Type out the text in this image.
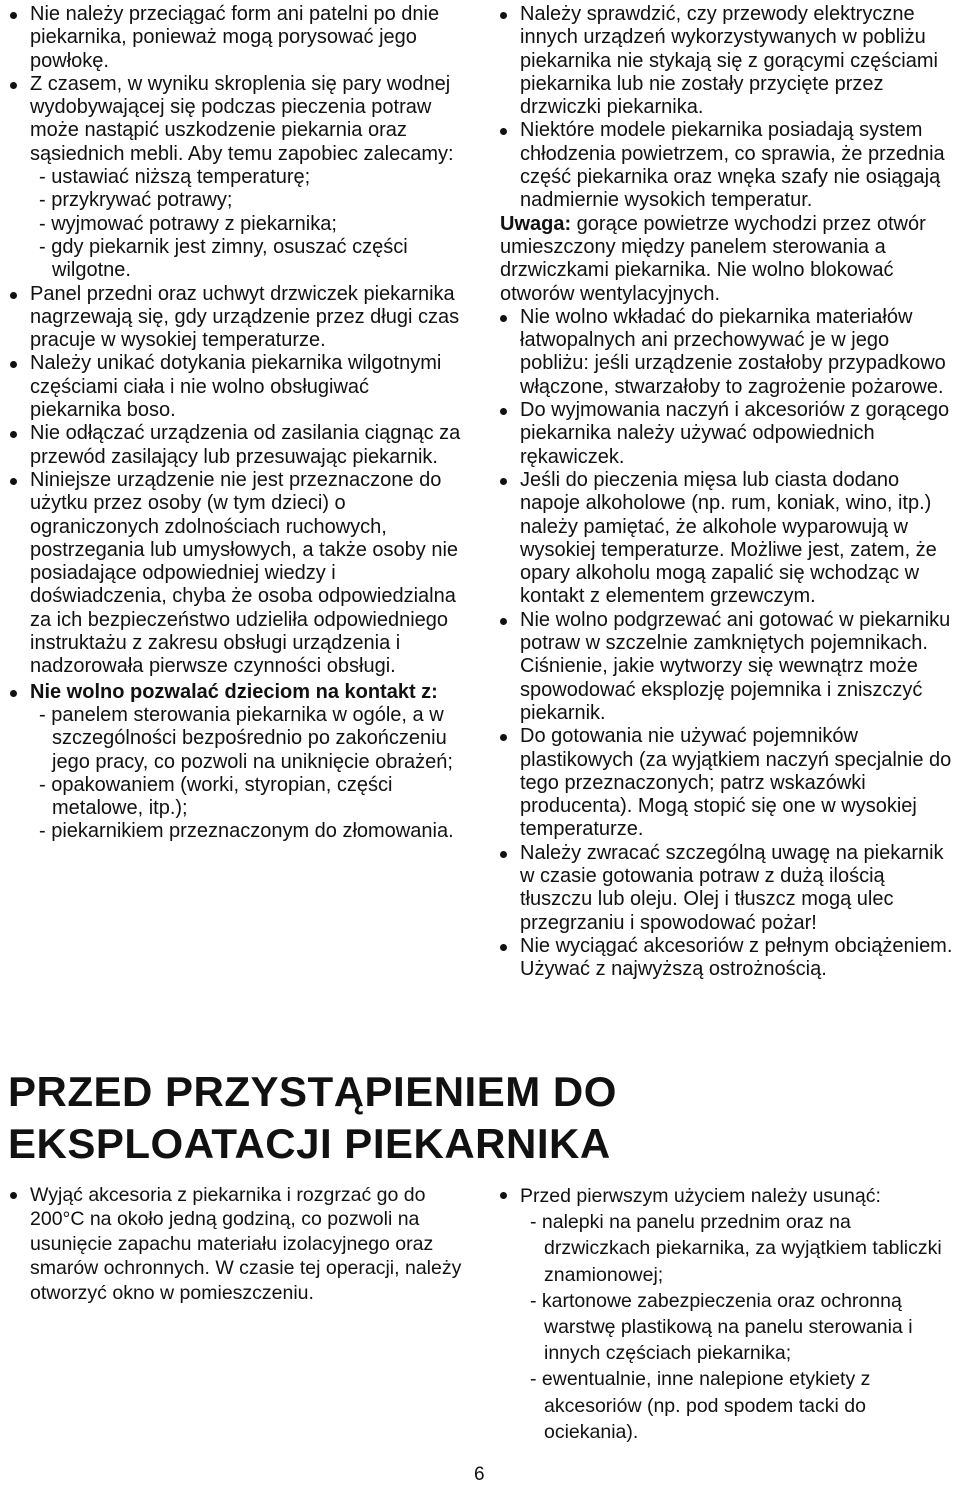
Nie należy przeciągać form ani patelni po dnie piekarnika, ponieważ mogą porysować jego powłokę.
Z czasem, w wyniku skroplenia się pary wodnej wydobywającej się podczas pieczenia potraw może nastąpić uszkodzenie piekarnia oraz sąsiednich mebli. Aby temu zapobiec zalecamy:
- ustawiać niższą temperaturę;
- przykrywać potrawy;
- wyjmować potrawy z piekarnika;
- gdy piekarnik jest zimny, osuszać części wilgotne.
Panel przedni oraz uchwyt drzwiczek piekarnika nagrzewają się, gdy urządzenie przez długi czas pracuje w wysokiej temperaturze.
Należy unikać dotykania piekarnika wilgotnymi częściami ciała i nie wolno obsługiwać piekarnika boso.
Nie odłączać urządzenia od zasilania ciągnąc za przewód zasilający lub przesuwając piekarnik.
Niniejsze urządzenie nie jest przeznaczone do użytku przez osoby (w tym dzieci) o ograniczonych zdolnościach ruchowych, postrzegania lub umysłowych, a także osoby nie posiadające odpowiedniej wiedzy i doświadczenia, chyba że osoba odpowiedzialna za ich bezpieczeństwo udzieliła odpowiedniego instruktażu z zakresu obsługi urządzenia i nadzorowała pierwsze czynności obsługi.
Nie wolno pozwalać dzieciom na kontakt z:
- panelem sterowania piekarnika w ogóle, a w szczególności bezpośrednio po zakończeniu jego pracy, co pozwoli na uniknięcie obrażeń;
- opakowaniem (worki, styropian, części metalowe, itp.);
- piekarnikiem przeznaczonym do złomowania.
Należy sprawdzić, czy przewody elektryczne innych urządzeń wykorzystywanych w pobliżu piekarnika nie stykają się z gorącymi częściami piekarnika lub nie zostały przycięte przez drzwiczki piekarnika.
Niektóre modele piekarnika posiadają system chłodzenia powietrzem, co sprawia, że przednia część piekarnika oraz wnęka szafy nie osiągają nadmiernie wysokich temperatur.
Uwaga: gorące powietrze wychodzi przez otwór umieszczony między panelem sterowania a drzwiczkami piekarnika. Nie wolno blokować otworów wentylacyjnych.
Nie wolno wkładać do piekarnika materiałów łatwopalnych ani przechowywać je w jego pobliżu: jeśli urządzenie zostałoby przypadkowo włączone, stwarzałoby to zagrożenie pożarowe.
Do wyjmowania naczyń i akcesoriów z gorącego piekarnika należy używać odpowiednich rękawiczek.
Jeśli do pieczenia mięsa lub ciasta dodano napoje alkoholowe (np. rum, koniak, wino, itp.) należy pamiętać, że alkohole wyparowują w wysokiej temperaturze. Możliwe jest, zatem, że opary alkoholu mogą zapalić się wchodząc w kontakt z elementem grzewczym.
Nie wolno podgrzewać ani gotować w piekarniku potraw w szczelnie zamkniętych pojemnikach. Ciśnienie, jakie wytworzy się wewnątrz może spowodować eksplozję pojemnika i zniszczyć piekarnik.
Do gotowania nie używać pojemników plastikowych (za wyjątkiem naczyń specjalnie do tego przeznaczonych; patrz wskazówki producenta). Mogą stopić się one w wysokiej temperaturze.
Należy zwracać szczególną uwagę na piekarnik w czasie gotowania potraw z dużą ilością tłuszczu lub oleju. Olej i tłuszcz mogą ulec przegrzaniu i spowodować pożar!
Nie wyciągać akcesoriów z pełnym obciążeniem. Używać z najwyższą ostrożnością.
PRZED PRZYSTĄPIENIEM DO
EKSPLOATACJI PIEKARNIKA
Wyjąć akcesoria z piekarnika i rozgrzać go do 200°C na około jedną godziną, co pozwoli na usunięcie zapachu materiału izolacyjnego oraz smarów ochronnych. W czasie tej operacji, należy otworzyć okno w pomieszczeniu.
Przed pierwszym użyciem należy usunąć:
- nalepki na panelu przednim oraz na drzwiczkach piekarnika, za wyjątkiem tabliczki znamionowej;
- kartonowe zabezpieczenia oraz ochronną warstwę plastikową na panelu sterowania i innych częściach piekarnika;
- ewentualnie, inne nalepione etykiety z akcesoriów (np. pod spodem tacki do ociekania).
6
